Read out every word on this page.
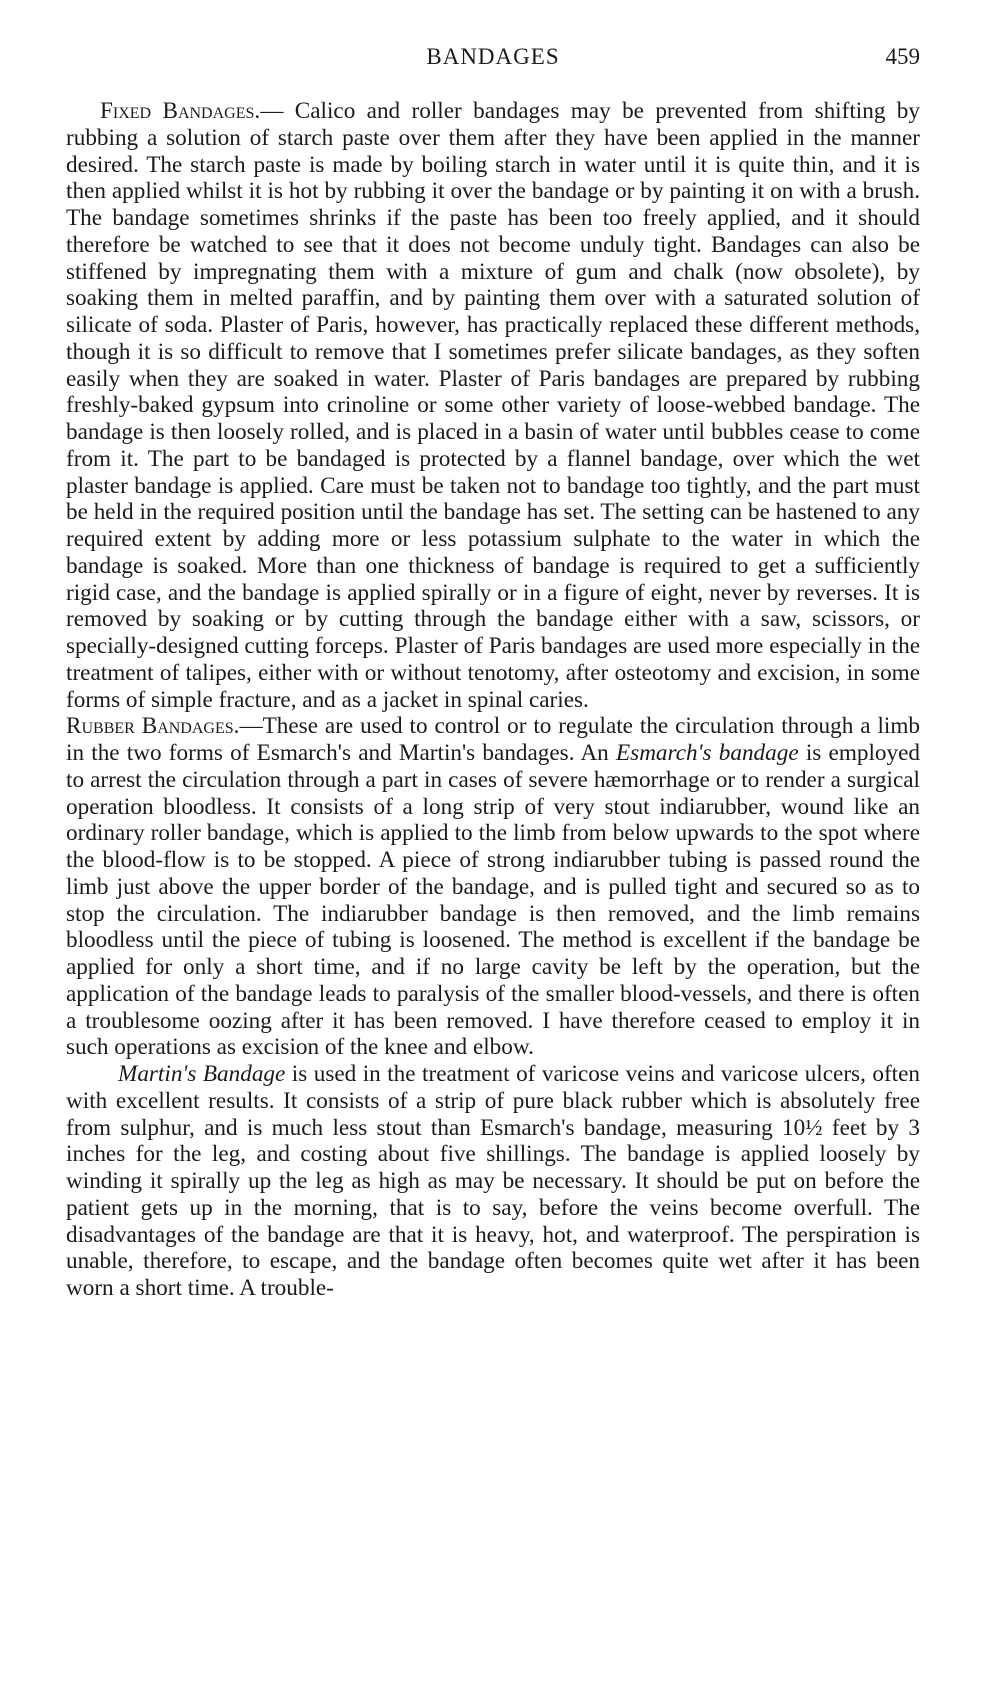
BANDAGES	459

Fixed Bandages.— Calico and roller bandages may be prevented from shifting by rubbing a solution of starch paste over them after they have been applied in the manner desired. The starch paste is made by boiling starch in water until it is quite thin, and it is then applied whilst it is hot by rubbing it over the bandage or by painting it on with a brush. The bandage sometimes shrinks if the paste has been too freely applied, and it should therefore be watched to see that it does not become unduly tight. Bandages can also be stiffened by impregnating them with a mixture of gum and chalk (now obsolete), by soaking them in melted paraffin, and by painting them over with a saturated solution of silicate of soda. Plaster of Paris, however, has practically replaced these different methods, though it is so difficult to remove that I sometimes prefer silicate bandages, as they soften easily when they are soaked in water. Plaster of Paris bandages are prepared by rubbing freshly-baked gypsum into crinoline or some other variety of loose-webbed bandage. The bandage is then loosely rolled, and is placed in a basin of water until bubbles cease to come from it. The part to be bandaged is protected by a flannel bandage, over which the wet plaster bandage is applied. Care must be taken not to bandage too tightly, and the part must be held in the required position until the bandage has set. The setting can be hastened to any required extent by adding more or less potassium sulphate to the water in which the bandage is soaked. More than one thickness of bandage is required to get a sufficiently rigid case, and the bandage is applied spirally or in a figure of eight, never by reverses. It is removed by soaking or by cutting through the bandage either with a saw, scissors, or specially-designed cutting forceps. Plaster of Paris bandages are used more especially in the treatment of talipes, either with or without tenotomy, after osteotomy and excision, in some forms of simple fracture, and as a jacket in spinal caries.

Rubber Bandages.—These are used to control or to regulate the circulation through a limb in the two forms of Esmarch's and Martin's bandages. An Esmarch's bandage is employed to arrest the circulation through a part in cases of severe hæmorrhage or to render a surgical operation bloodless. It consists of a long strip of very stout indiarubber, wound like an ordinary roller bandage, which is applied to the limb from below upwards to the spot where the blood-flow is to be stopped. A piece of strong indiarubber tubing is passed round the limb just above the upper border of the bandage, and is pulled tight and secured so as to stop the circulation. The indiarubber bandage is then removed, and the limb remains bloodless until the piece of tubing is loosened. The method is excellent if the bandage be applied for only a short time, and if no large cavity be left by the operation, but the application of the bandage leads to paralysis of the smaller blood-vessels, and there is often a troublesome oozing after it has been removed. I have therefore ceased to employ it in such operations as excision of the knee and elbow.

Martin's Bandage is used in the treatment of varicose veins and varicose ulcers, often with excellent results. It consists of a strip of pure black rubber which is absolutely free from sulphur, and is much less stout than Esmarch's bandage, measuring 10½ feet by 3 inches for the leg, and costing about five shillings. The bandage is applied loosely by winding it spirally up the leg as high as may be necessary. It should be put on before the patient gets up in the morning, that is to say, before the veins become overfull. The disadvantages of the bandage are that it is heavy, hot, and waterproof. The perspiration is unable, therefore, to escape, and the bandage often becomes quite wet after it has been worn a short time. A trouble-
